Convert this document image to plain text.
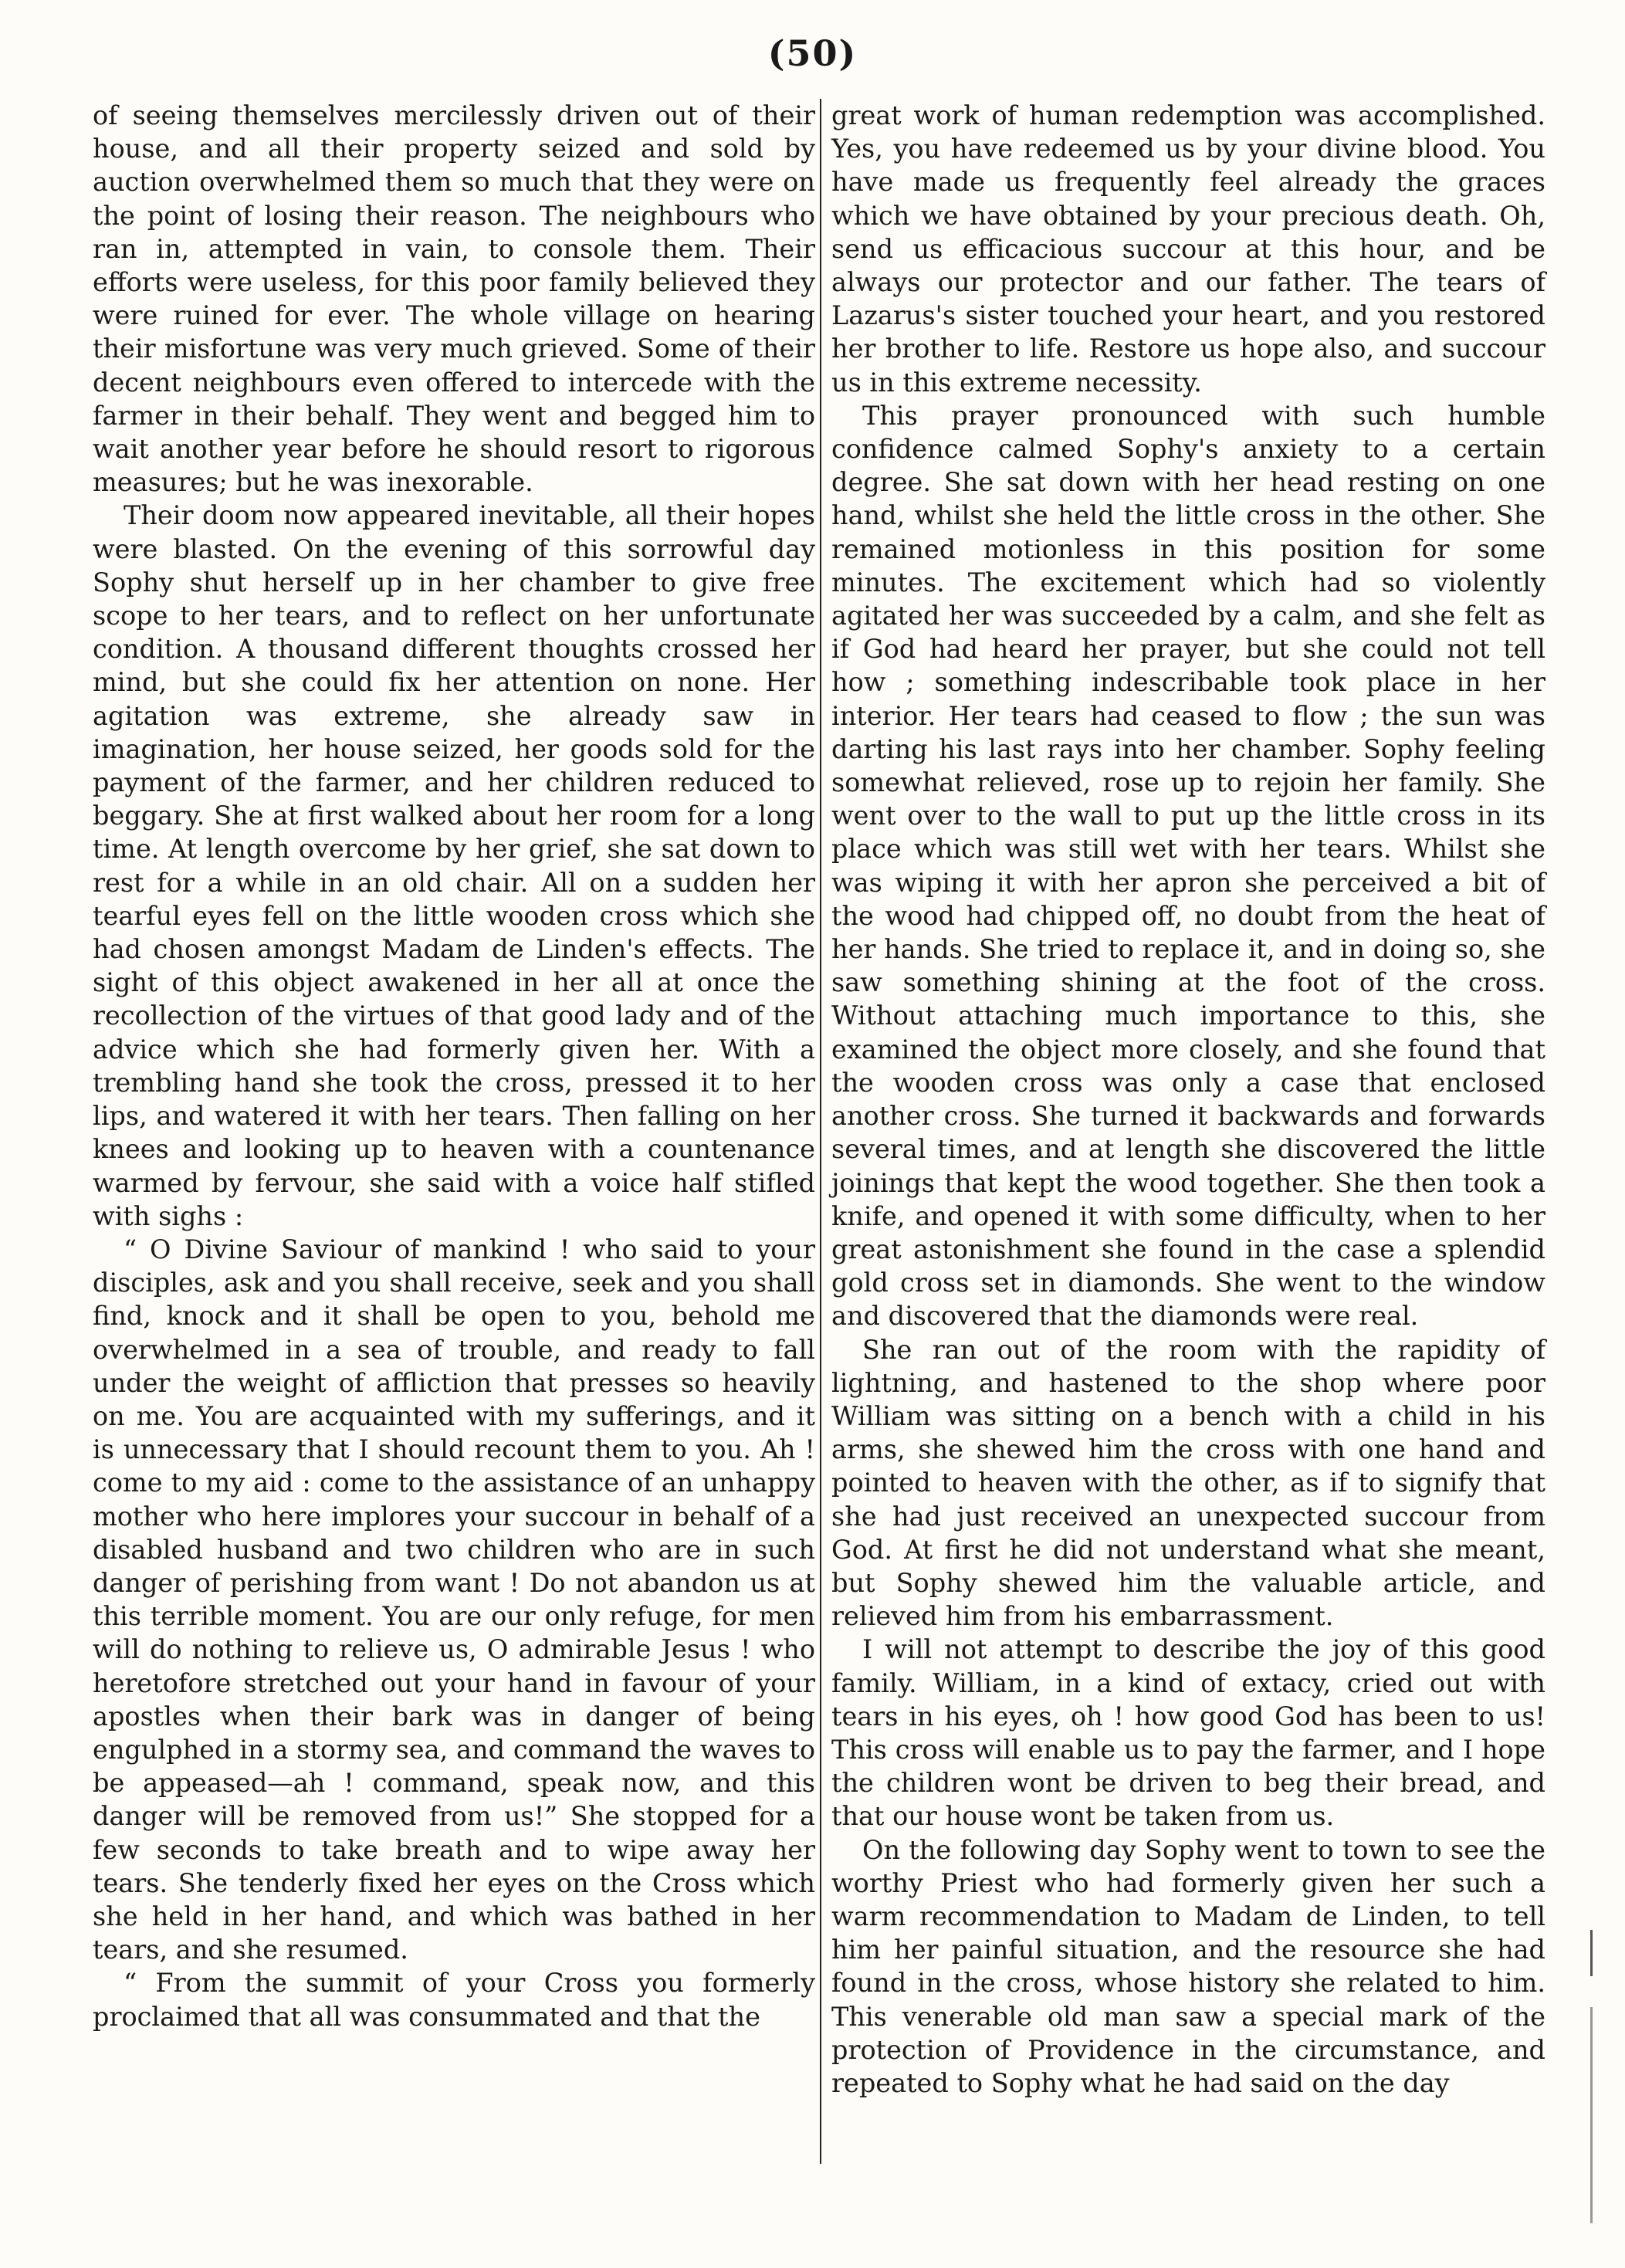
(50)

of seeing themselves mercilessly driven out of their house, and all their property seized and sold by auction overwhelmed them so much that they were on the point of losing their reason. The neighbours who ran in, attempted in vain, to console them. Their efforts were useless, for this poor family believed they were ruined for ever. The whole village on hearing their misfortune was very much grieved. Some of their decent neighbours even offered to intercede with the farmer in their behalf. They went and begged him to wait another year before he should resort to rigorous measures; but he was inexorable.

Their doom now appeared inevitable, all their hopes were blasted. On the evening of this sorrowful day Sophy shut herself up in her chamber to give free scope to her tears, and to reflect on her unfortunate condition. A thousand different thoughts crossed her mind, but she could fix her attention on none. Her agitation was extreme, she already saw in imagination, her house seized, her goods sold for the payment of the farmer, and her children reduced to beggary. She at first walked about her room for a long time. At length overcome by her grief, she sat down to rest for a while in an old chair. All on a sudden her tearful eyes fell on the little wooden cross which she had chosen amongst Madam de Linden's effects. The sight of this object awakened in her all at once the recollection of the virtues of that good lady and of the advice which she had formerly given her. With a trembling hand she took the cross, pressed it to her lips, and watered it with her tears. Then falling on her knees and looking up to heaven with a countenance warmed by fervour, she said with a voice half stifled with sighs :

“ O Divine Saviour of mankind ! who said to your disciples, ask and you shall receive, seek and you shall find, knock and it shall be open to you, behold me overwhelmed in a sea of trouble, and ready to fall under the weight of affliction that presses so heavily on me. You are acquainted with my sufferings, and it is unnecessary that I should recount them to you. Ah ! come to my aid : come to the assistance of an unhappy mother who here implores your succour in behalf of a disabled husband and two children who are in such danger of perishing from want ! Do not abandon us at this terrible moment. You are our only refuge, for men will do nothing to relieve us, O admirable Jesus ! who heretofore stretched out your hand in favour of your apostles when their bark was in danger of being engulphed in a stormy sea, and command the waves to be appeased—ah ! command, speak now, and this danger will be removed from us!” She stopped for a few seconds to take breath and to wipe away her tears. She tenderly fixed her eyes on the Cross which she held in her hand, and which was bathed in her tears, and she resumed.

“ From the summit of your Cross you formerly proclaimed that all was consummated and that the

great work of human redemption was accomplished. Yes, you have redeemed us by your divine blood. You have made us frequently feel already the graces which we have obtained by your precious death. Oh, send us efficacious succour at this hour, and be always our protector and our father. The tears of Lazarus's sister touched your heart, and you restored her brother to life. Restore us hope also, and succour us in this extreme necessity.

This prayer pronounced with such humble confidence calmed Sophy's anxiety to a certain degree. She sat down with her head resting on one hand, whilst she held the little cross in the other. She remained motionless in this position for some minutes. The excitement which had so violently agitated her was succeeded by a calm, and she felt as if God had heard her prayer, but she could not tell how ; something indescribable took place in her interior. Her tears had ceased to flow ; the sun was darting his last rays into her chamber. Sophy feeling somewhat relieved, rose up to rejoin her family. She went over to the wall to put up the little cross in its place which was still wet with her tears. Whilst she was wiping it with her apron she perceived a bit of the wood had chipped off, no doubt from the heat of her hands. She tried to replace it, and in doing so, she saw something shining at the foot of the cross. Without attaching much importance to this, she examined the object more closely, and she found that the wooden cross was only a case that enclosed another cross. She turned it backwards and forwards several times, and at length she discovered the little joinings that kept the wood together. She then took a knife, and opened it with some difficulty, when to her great astonishment she found in the case a splendid gold cross set in diamonds. She went to the window and discovered that the diamonds were real.

She ran out of the room with the rapidity of lightning, and hastened to the shop where poor William was sitting on a bench with a child in his arms, she shewed him the cross with one hand and pointed to heaven with the other, as if to signify that she had just received an unexpected succour from God. At first he did not understand what she meant, but Sophy shewed him the valuable article, and relieved him from his embarrassment.

I will not attempt to describe the joy of this good family. William, in a kind of extacy, cried out with tears in his eyes, oh ! how good God has been to us! This cross will enable us to pay the farmer, and I hope the children wont be driven to beg their bread, and that our house wont be taken from us.

On the following day Sophy went to town to see the worthy Priest who had formerly given her such a warm recommendation to Madam de Linden, to tell him her painful situation, and the resource she had found in the cross, whose history she related to him. This venerable old man saw a special mark of the protection of Providence in the circumstance, and repeated to Sophy what he had said on the day
